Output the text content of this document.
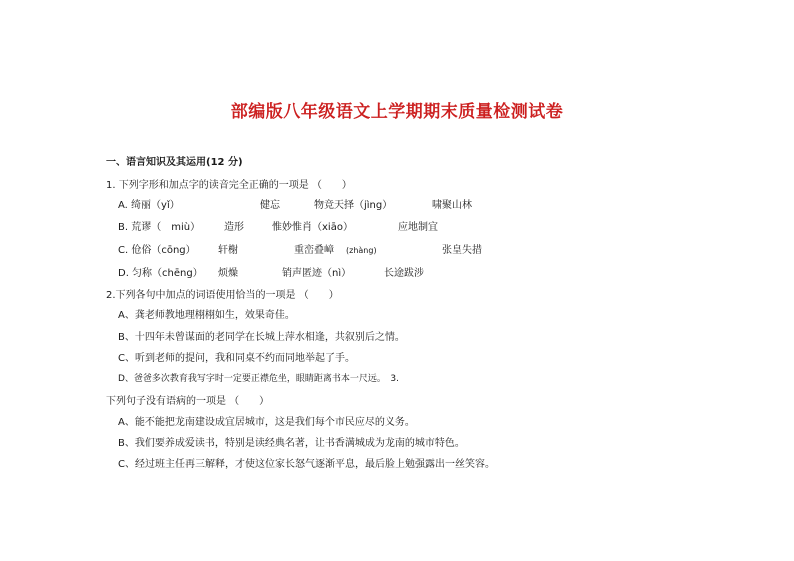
部编版八年级语文上学期期末质量检测试卷
一、语言知识及其运用(12 分)
1. 下列字形和加点字的读音完全正确的一项是 （　　）
A. 绮丽（yǐ）	健忘	物竞天择（jìng）	啸聚山林
B. 荒谬（　miù） 造形	惟妙惟肖（xiāo）	应地制宜
C. 伧俗（cōng） 轩榭	重峦叠嶂 (zhàng)	张皇失措
D. 匀称（chēng） 烦燥	销声匿迹（nì）	长途跋涉
2.下列各句中加点的词语使用恰当的一项是 （　　）
A、龚老师教地理栩栩如生，效果奇佳。
B、十四年未曾谋面的老同学在长城上萍水相逢，共叙别后之情。
C、听到老师的提问，我和同桌不约而同地举起了手。
D、爸爸多次教育我写字时一定要正襟危坐，眼睛距离书本一尺远。　3.
下列句子没有语病的一项是 （　　）
A、能不能把龙南建设成宜居城市，这是我们每个市民应尽的义务。
B、我们要养成爱读书，特别是读经典名著，让书香满城成为龙南的城市特色。
C、经过班主任再三解释，才使这位家长怒气逐渐平息，最后脸上勉强露出一丝笑容。
